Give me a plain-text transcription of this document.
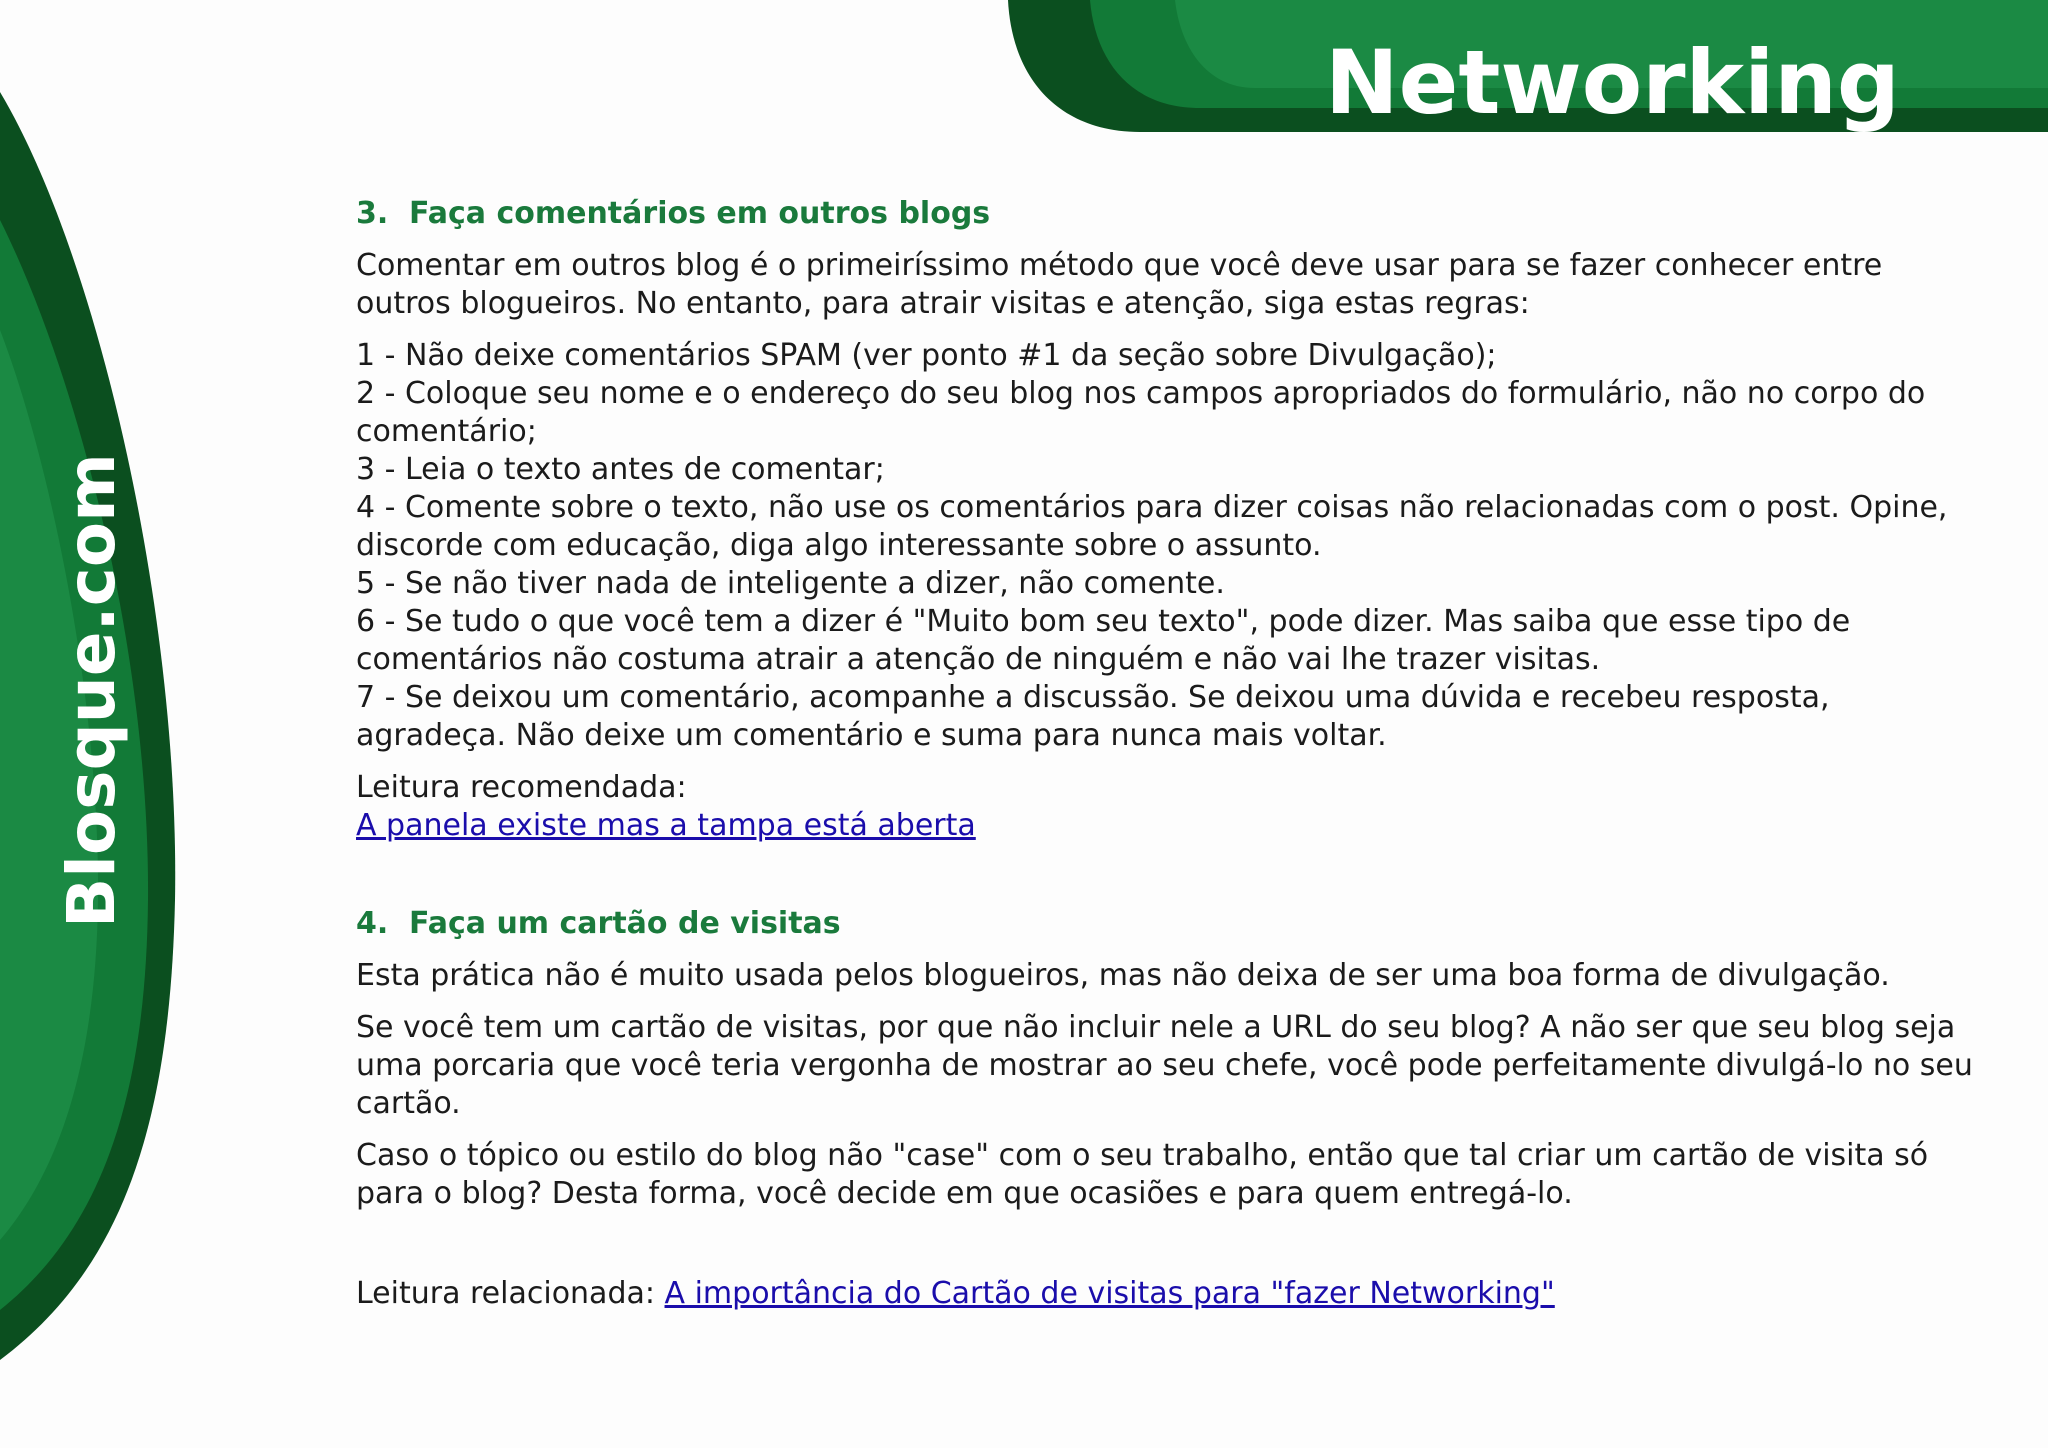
Blosque.com
Networking
3. Faça comentários em outros blogs

Comentar em outros blog é o primeiríssimo método que você deve usar para se fazer conhecer entre outros blogueiros. No entanto, para atrair visitas e atenção, siga estas regras:

1 - Não deixe comentários SPAM (ver ponto #1 da seção sobre Divulgação);

2 - Coloque seu nome e o endereço do seu blog nos campos apropriados do formulário, não no corpo do comentário;

3 - Leia o texto antes de comentar;

4 - Comente sobre o texto, não use os comentários para dizer coisas não relacionadas com o post. Opine, discorde com educação, diga algo interessante sobre o assunto.

5 - Se não tiver nada de inteligente a dizer, não comente.

6 - Se tudo o que você tem a dizer é "Muito bom seu texto", pode dizer. Mas saiba que esse tipo de comentários não costuma atrair a atenção de ninguém e não vai lhe trazer visitas.

7 - Se deixou um comentário, acompanhe a discussão. Se deixou uma dúvida e recebeu resposta, agradeça. Não deixe um comentário e suma para nunca mais voltar.

Leitura recomendada:

A panela existe mas a tampa está aberta

4. Faça um cartão de visitas

Esta prática não é muito usada pelos blogueiros, mas não deixa de ser uma boa forma de divulgação.

Se você tem um cartão de visitas, por que não incluir nele a URL do seu blog? A não ser que seu blog seja uma porcaria que você teria vergonha de mostrar ao seu chefe, você pode perfeitamente divulgá-lo no seu cartão.

Caso o tópico ou estilo do blog não "case" com o seu trabalho, então que tal criar um cartão de visita só para o blog? Desta forma, você decide em que ocasiões e para quem entregá-lo.

Leitura relacionada: A importância do Cartão de visitas para "fazer Networking"
